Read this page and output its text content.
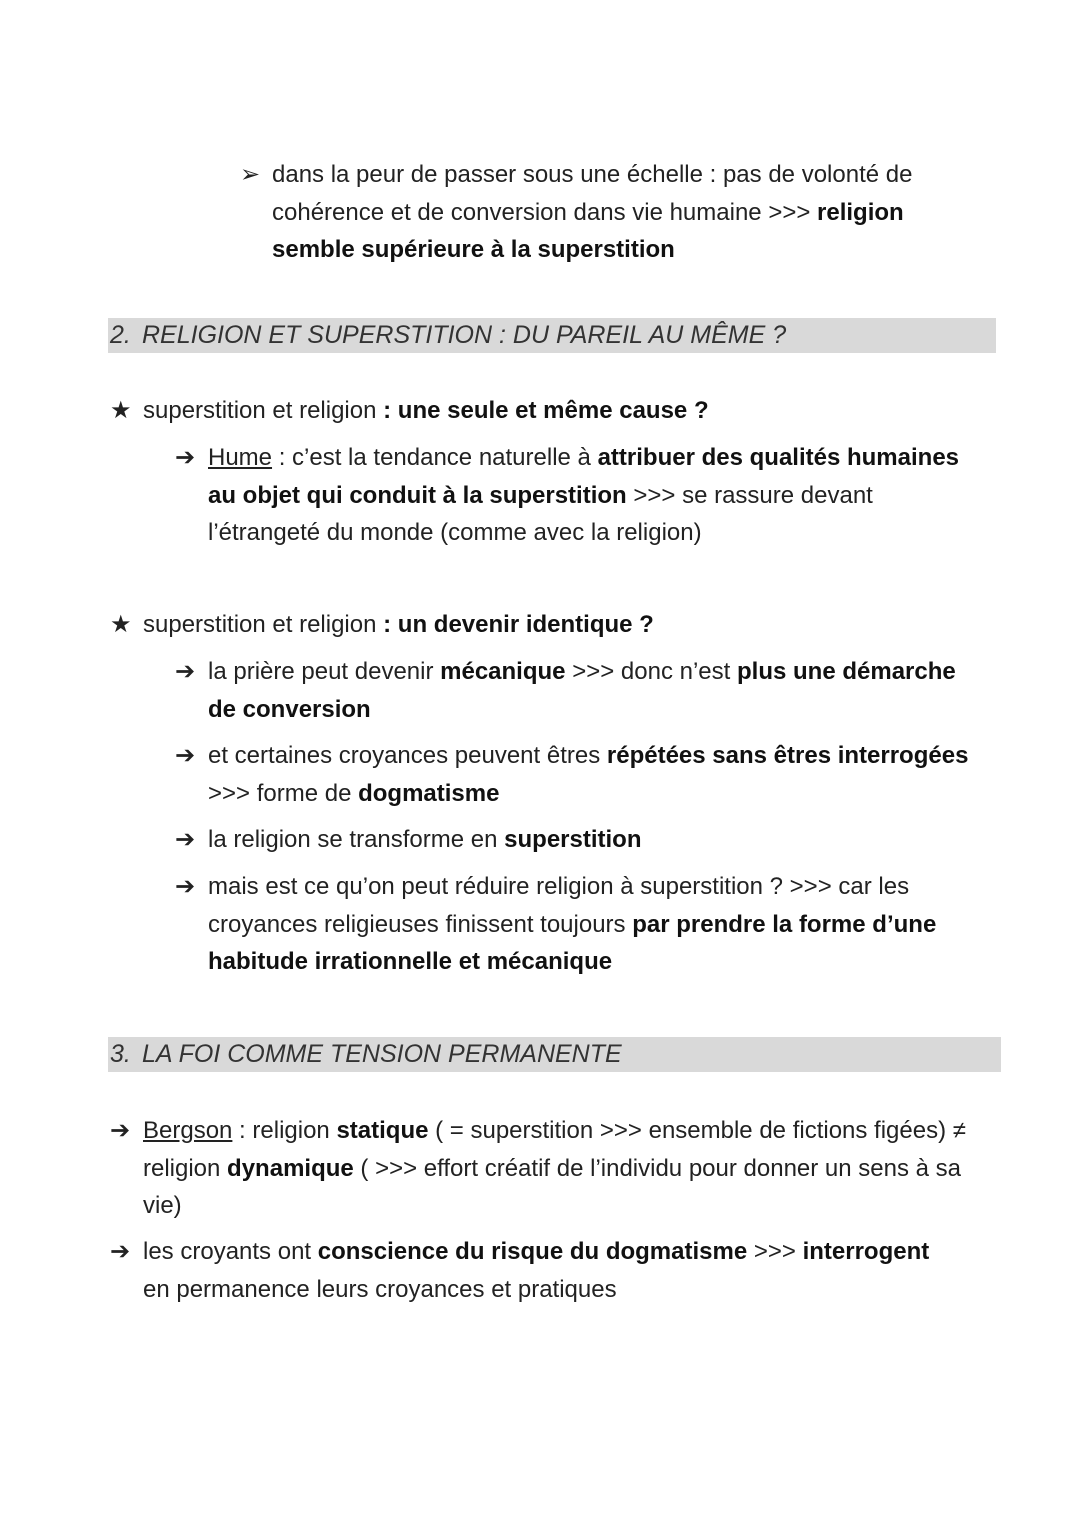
➢ dans la peur de passer sous une échelle : pas de volonté de cohérence et de conversion dans vie humaine >>> religion semble supérieure à la superstition
2. RELIGION ET SUPERSTITION : DU PAREIL AU MÊME ?
★ superstition et religion : une seule et même cause ?
➔ Hume : c’est la tendance naturelle à attribuer des qualités humaines au objet qui conduit à la superstition >>> se rassure devant l’étrangeté du monde (comme avec la religion)
★ superstition et religion : un devenir identique ?
➔ la prière peut devenir mécanique >>> donc n’est plus une démarche de conversion
➔ et certaines croyances peuvent êtres répétées sans êtres interrogées >>> forme de dogmatisme
➔ la religion se transforme en superstition
➔ mais est ce qu’on peut réduire religion à superstition ? >>> car les croyances religieuses finissent toujours par prendre la forme d’une habitude irrationnelle et mécanique
3. LA FOI COMME TENSION PERMANENTE
➔ Bergson : religion statique ( = superstition >>> ensemble de fictions figées) ≠ religion dynamique ( >>> effort créatif de l’individu pour donner un sens à sa vie)
➔ les croyants ont conscience du risque du dogmatisme >>> interrogent en permanence leurs croyances et pratiques
